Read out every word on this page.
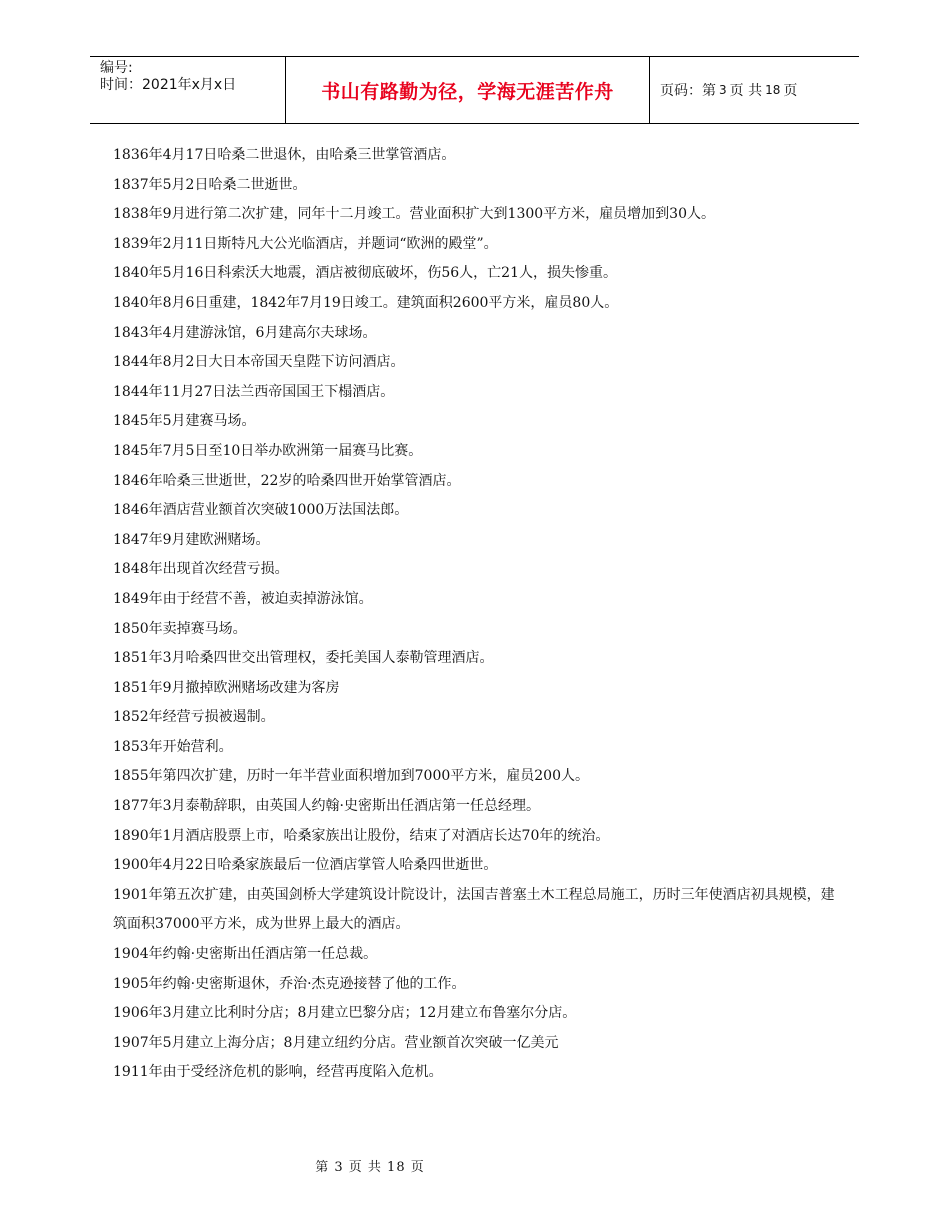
编号:
时间：2021年x月x日	书山有路勤为径，学海无涯苦作舟	页码：第 3 页 共 18 页
1836年4月17日哈桑二世退休，由哈桑三世掌管酒店。
1837年5月2日哈桑二世逝世。
1838年9月进行第二次扩建，同年十二月竣工。营业面积扩大到1300平方米，雇员增加到30人。
1839年2月11日斯特凡大公光临酒店，并题词“欧洲的殿堂”。
1840年5月16日科索沃大地震，酒店被彻底破坏，伤56人，亡21人，损失惨重。
1840年8月6日重建，1842年7月19日竣工。建筑面积2600平方米，雇员80人。
1843年4月建游泳馆，6月建高尔夫球场。
1844年8月2日大日本帝国天皇陛下访问酒店。
1844年11月27日法兰西帝国国王下榻酒店。
1845年5月建赛马场。
1845年7月5日至10日举办欧洲第一届赛马比赛。
1846年哈桑三世逝世，22岁的哈桑四世开始掌管酒店。
1846年酒店营业额首次突破1000万法国法郎。
1847年9月建欧洲赌场。
1848年出现首次经营亏损。
1849年由于经营不善，被迫卖掉游泳馆。
1850年卖掉赛马场。
1851年3月哈桑四世交出管理权，委托美国人泰勒管理酒店。
1851年9月撤掉欧洲赌场改建为客房
1852年经营亏损被遏制。
1853年开始营利。
1855年第四次扩建，历时一年半营业面积增加到7000平方米，雇员200人。
1877年3月泰勒辞职，由英国人约翰·史密斯出任酒店第一任总经理。
1890年1月酒店股票上市，哈桑家族出让股份，结束了对酒店长达70年的统治。
1900年4月22日哈桑家族最后一位酒店掌管人哈桑四世逝世。
1901年第五次扩建，由英国剑桥大学建筑设计院设计，法国吉普塞土木工程总局施工，历时三年使酒店初具规模，建筑面积37000平方米，成为世界上最大的酒店。
1904年约翰·史密斯出任酒店第一任总裁。
1905年约翰·史密斯退休，乔治·杰克逊接替了他的工作。
1906年3月建立比利时分店；8月建立巴黎分店；12月建立布鲁塞尔分店。
1907年5月建立上海分店；8月建立纽约分店。营业额首次突破一亿美元
1911年由于受经济危机的影响，经营再度陷入危机。
第 3 页 共 18 页
